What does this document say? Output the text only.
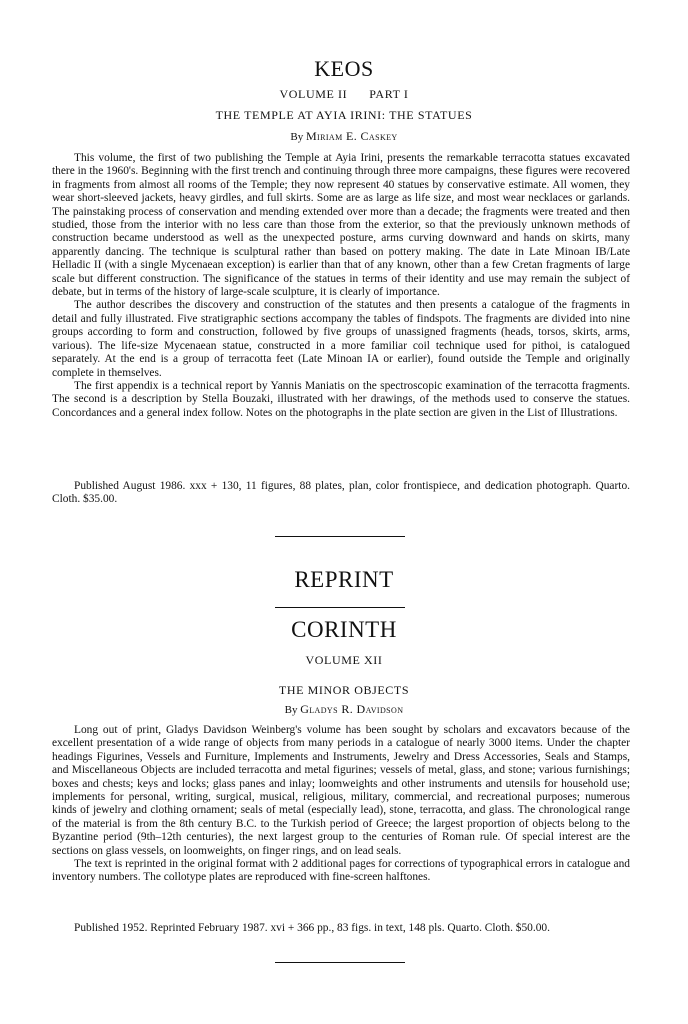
KEOS
VOLUME II PART I
THE TEMPLE AT AYIA IRINI: THE STATUES
By Miriam E. Caskey

This volume, the first of two publishing the Temple at Ayia Irini, presents the remarkable terracotta statues excavated there in the 1960's. Beginning with the first trench and continuing through three more campaigns, these figures were recovered in fragments from almost all rooms of the Temple; they now represent 40 statues by conservative estimate. All women, they wear short-sleeved jackets, heavy girdles, and full skirts. Some are as large as life size, and most wear necklaces or garlands. The painstaking process of conservation and mending extended over more than a decade; the fragments were treated and then studied, those from the interior with no less care than those from the exterior, so that the previously unknown methods of construction became understood as well as the unexpected posture, arms curving downward and hands on skirts, many apparently dancing. The technique is sculptural rather than based on pottery making. The date in Late Minoan IB/Late Helladic II (with a single Mycenaean exception) is earlier than that of any known, other than a few Cretan fragments of large scale but different construction. The significance of the statues in terms of their identity and use may remain the subject of debate, but in terms of the history of large-scale sculpture, it is clearly of importance.

The author describes the discovery and construction of the statutes and then presents a catalogue of the fragments in detail and fully illustrated. Five stratigraphic sections accompany the tables of findspots. The fragments are divided into nine groups according to form and construction, followed by five groups of unassigned fragments (heads, torsos, skirts, arms, various). The life-size Mycenaean statue, constructed in a more familiar coil technique used for pithoi, is catalogued separately. At the end is a group of terracotta feet (Late Minoan IA or earlier), found outside the Temple and originally complete in themselves.

The first appendix is a technical report by Yannis Maniatis on the spectroscopic examination of the terracotta fragments. The second is a description by Stella Bouzaki, illustrated with her drawings, of the methods used to conserve the statues. Concordances and a general index follow. Notes on the photographs in the plate section are given in the List of Illustrations.

Published August 1986. xxx + 130, 11 figures, 88 plates, plan, color frontispiece, and dedication photograph. Quarto. Cloth. $35.00.

REPRINT
CORINTH
VOLUME XII
THE MINOR OBJECTS
By Gladys R. Davidson

Long out of print, Gladys Davidson Weinberg's volume has been sought by scholars and excavators because of the excellent presentation of a wide range of objects from many periods in a catalogue of nearly 3000 items. Under the chapter headings Figurines, Vessels and Furniture, Implements and Instruments, Jewelry and Dress Accessories, Seals and Stamps, and Miscellaneous Objects are included terracotta and metal figurines; vessels of metal, glass, and stone; various furnishings; boxes and chests; keys and locks; glass panes and inlay; loomweights and other instruments and utensils for household use; implements for personal, writing, surgical, musical, religious, military, commercial, and recreational purposes; numerous kinds of jewelry and clothing ornament; seals of metal (especially lead), stone, terracotta, and glass. The chronological range of the material is from the 8th century B.C. to the Turkish period of Greece; the largest proportion of objects belong to the Byzantine period (9th–12th centuries), the next largest group to the centuries of Roman rule. Of special interest are the sections on glass vessels, on loomweights, on finger rings, and on lead seals.

The text is reprinted in the original format with 2 additional pages for corrections of typographical errors in catalogue and inventory numbers. The collotype plates are reproduced with fine-screen halftones.

Published 1952. Reprinted February 1987. xvi + 366 pp., 83 figs. in text, 148 pls. Quarto. Cloth. $50.00.
